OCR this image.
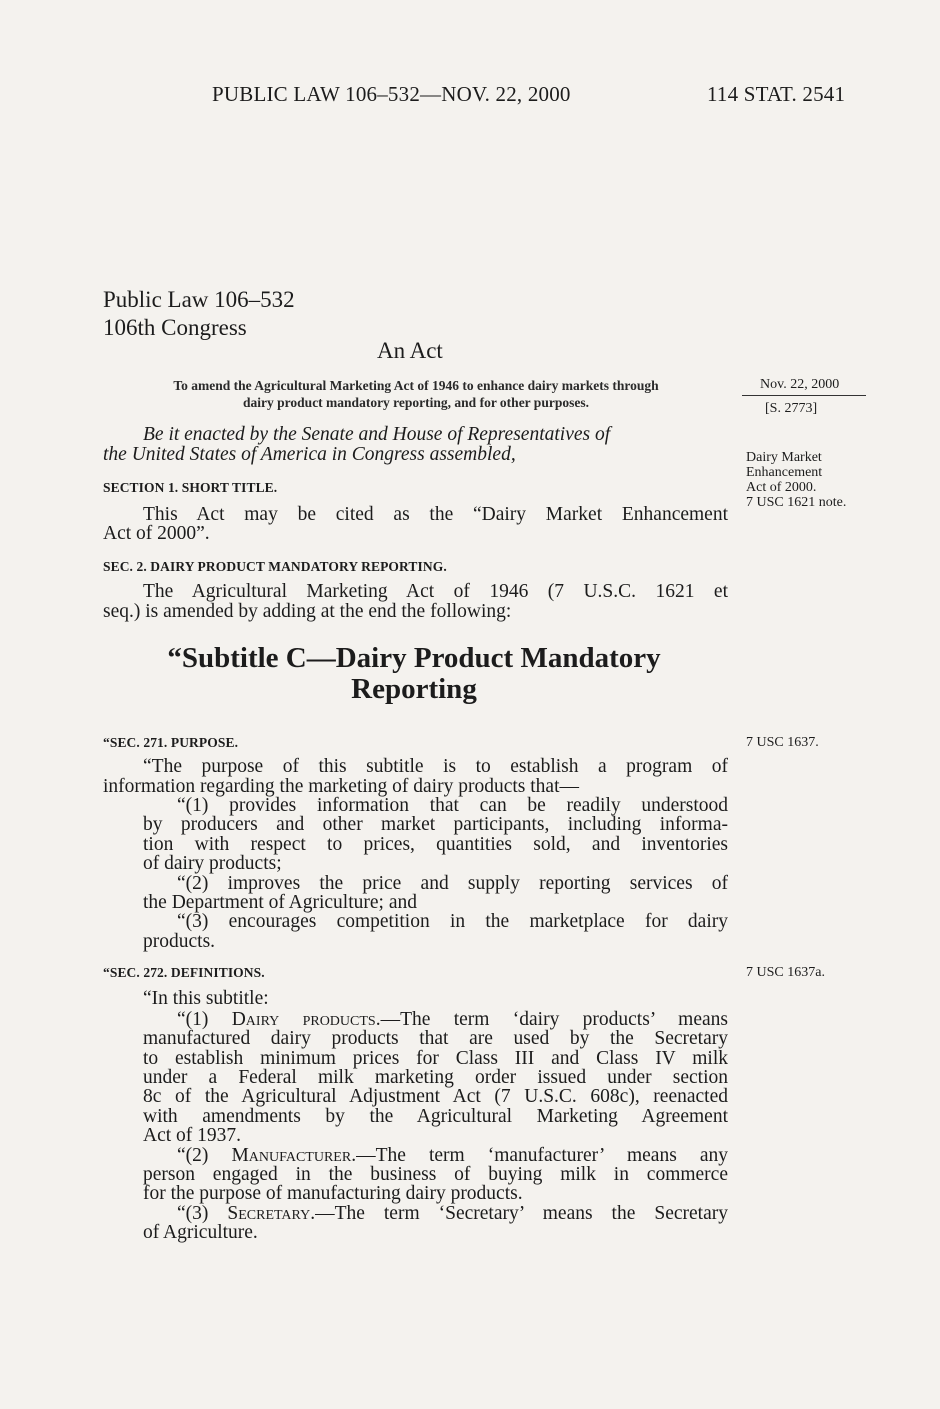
PUBLIC LAW 106–532—NOV. 22, 2000	114 STAT. 2541
Public Law 106–532
106th Congress
An Act
To amend the Agricultural Marketing Act of 1946 to enhance dairy markets through
dairy product mandatory reporting, and for other purposes.
Nov. 22, 2000
[S. 2773]
Be it enacted by the Senate and House of Representatives of
the United States of America in Congress assembled,	Dairy Market
Enhancement
Act of 2000.
7 USC 1621 note.
SECTION 1. SHORT TITLE.
This Act may be cited as the “Dairy Market Enhancement
Act of 2000”.
SEC. 2. DAIRY PRODUCT MANDATORY REPORTING.
The Agricultural Marketing Act of 1946 (7 U.S.C. 1621 et
seq.) is amended by adding at the end the following:
“Subtitle C—Dairy Product Mandatory
Reporting
“SEC. 271. PURPOSE.	7 USC 1637.
“The purpose of this subtitle is to establish a program of
information regarding the marketing of dairy products that—
“(1) provides information that can be readily understood
by producers and other market participants, including informa-
tion with respect to prices, quantities sold, and inventories
of dairy products;
“(2) improves the price and supply reporting services of
the Department of Agriculture; and
“(3) encourages competition in the marketplace for dairy
products.
“SEC. 272. DEFINITIONS.	7 USC 1637a.
“In this subtitle:
“(1) Dairy products.—The term ‘dairy products’ means
manufactured dairy products that are used by the Secretary
to establish minimum prices for Class III and Class IV milk
under a Federal milk marketing order issued under section
8c of the Agricultural Adjustment Act (7 U.S.C. 608c), reenacted
with amendments by the Agricultural Marketing Agreement
Act of 1937.
“(2) Manufacturer.—The term ‘manufacturer’ means any
person engaged in the business of buying milk in commerce
for the purpose of manufacturing dairy products.
“(3) Secretary.—The term ‘Secretary’ means the Secretary
of Agriculture.
